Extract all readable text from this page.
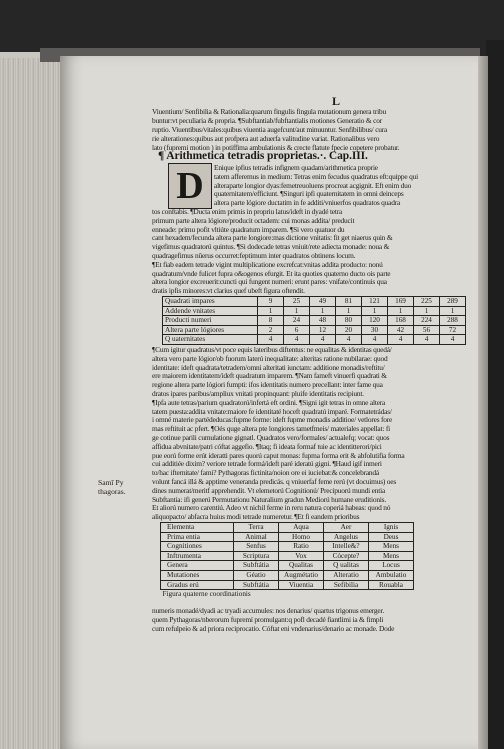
L
Viuentium/ Senfibilia & Rationalia:quarum fingulis fingula mutationum genera tribu
buntur:vt peculiaria & propria. ¶Subftantiab/fubftantialis motiones Generatio & cor
ruptio. Viuentibus/vitales:quibus viuentia augefcunt/aut minuuntur. Senfibilibus/ cura
rie alterationes:quibus aut profpera aut aduerfa valitudine variat. Rationalibus vero
lato (fupremi motion ) in potiffima ambulationis & crecte flatute fpecie copetere probatur.
¶ Arithmetica tetradis proprietas.·. Cap.III.
D Enique ipfius tetradis infignem quadam/arithmetica proprie
tatem afferemus in medium: Tetras enim fecudus quadratus eft:quippe qui
alteraparte longior dyas:femetreuoluens procreat acgignit. Eft enim duo
quaternitatem/efficiunt. ¶Singuri ipfi quaternitatem in omni deinceps
altera parte lógiore ductatim in fe additi/vniuerfos quadratos quadra
tos conftabis. ¶Ducta enim primis in propriu latus/ideft in dyadé tetra
primum parte altera lógiore/producit octadem: cui monas addita/ preducit
enneade: primu pofit vltiúte quadratum imparem. ¶Si vero quatuor du
cant hexadem/fecunda altera parte longiore:mas dictione vnitatis: fit get niaerus quin &
vigefimus quadratorú quintus. ¶Si dodecade tetras vniuit/rete adiecta monade: noua &
quadragefimus nûerus occurret:feptimum inter quadratos obtinens locum.
¶Et fiab eadem tetrade vigint multiplicatione excrefcat:vnitas addita producto: nonú
quadratum/vnde fulicet fupra o&ogenos efurgit. Et ita quoties quaterno ducto ois parte
altera longior excreuerit:cuncti qui fungent numeri: erunt pares: vnifate/continuis qua
dratis ipfis minores:vt clarius quef ubeft figura oftendit.
Quadrati impares	9	25	49	81	121	169	225	289
Addende vnitates	1	1	1	1	1	1	1	1
Producti numeri	8	24	48	80	120	168	224	288
Altera parte lógiores	2	6	12	20	30	42	56	72
Q uaternitates	4	4	4	4	4	4	4	4
¶Cum igitur quadratus/vt poce equis lateribus diftentus: ne equalitas & identitas quedá/
altera vero parte lógior/ob fuorum laterú inequalitate: alteritas ratione nubilarae: quod
identitate: ideft quadrata/tetradem/omni alteritati iunctam: additione monadis/reftitu/
ere maiorem identitatem/ideft quadratum imparem. ¶Nam fameft vinuerfi quadrati &
regione altera parte lógiori fumpti: ifos identitatis numero precellant: inter fame qua
dratos ipares paribus/ampliux vnitati propinquant: pluife identitatis recipiunt.
¶Ipfa aute tetras/parium quadratorú/infertá eft ordini. ¶Signi igit tetras in omne altera
tatem puesta:addita vnitate:maiore fe identitaté hoceft quadratú imparé. Formatetrádas/
i omné materie partédeducas:fupme forme: ideft fupme monadis additioe/ vetlores fore
mas reftituit ac pfert. ¶Oés quge altera pte longiores tametfmeis/ materiales appellat: fi
ge cotinue parili cumulatione gignatl. Quadratos vero/formales/ actualefq; vocat: quos
affidua abvnitate/patri cóftat aggefio. ¶Itaq; fi ideata formaf tuie ac identitterori/pici
pue eorú forme erút ideratti pares quorú caput monas: fupma forma erit & abfolutifia forma
cui additiée dixim? veriore tetrade formá/ideft paré ideratú gigni. ¶Haud igif inmeri
to/hac ifternitate/ fami? Pythagoras fictinita/noion ore ei iuciebat:& concelebrandá
volunt fancá illá & apptime veneranda predicás. q vniuerfaf feme rerú (vt docuimus) oes
dines numerat/meritf apprehendit. Vt elemetorú Cognitionú/ Precipuorú mundi entia
Subftantia: ifi generú Permutationu Naturalium gradun Mediorú humane eruditionis.
Et aliorú numero carentiú. Adeo vt nichil ferme in reru natura coperiá habeas: quod nó
aliquopacto/ abfacra huius modi tetrade numeretur. ¶Et fi eandem prioribus
Samī Py
thagoras.
Elementa	Terra	Aqua	Aer	Ignis
Prima entia	Animal	Homo	Angelus	Deus
Cognitiones	Senfus	Ratio	Intelle&?	Mens
Inftrumenta	Scriptura	Vox	Cócepte?	Mens
Genera	Subftátia	Qualitas	Q ualitas	Locus
Mutationes	Géatio	Augmétatio	Alteratio	Ambulatio
Gradus erú	Subftátia	Viuentia	Sefibilia	Rouabla
Figura quaterne coordinationis				
numeris monadé/dyadi ac tryadi accumules: nos denarius/ quartus trigonus emerger.
quem Pythagoras/nberorum fupremí promulgant:q pofl decadé fiantlimi ia & fimpli
cum refulpeio & ad priora reciprocatio. Cóftat eni vndenarius/denario ac monade. Dode
